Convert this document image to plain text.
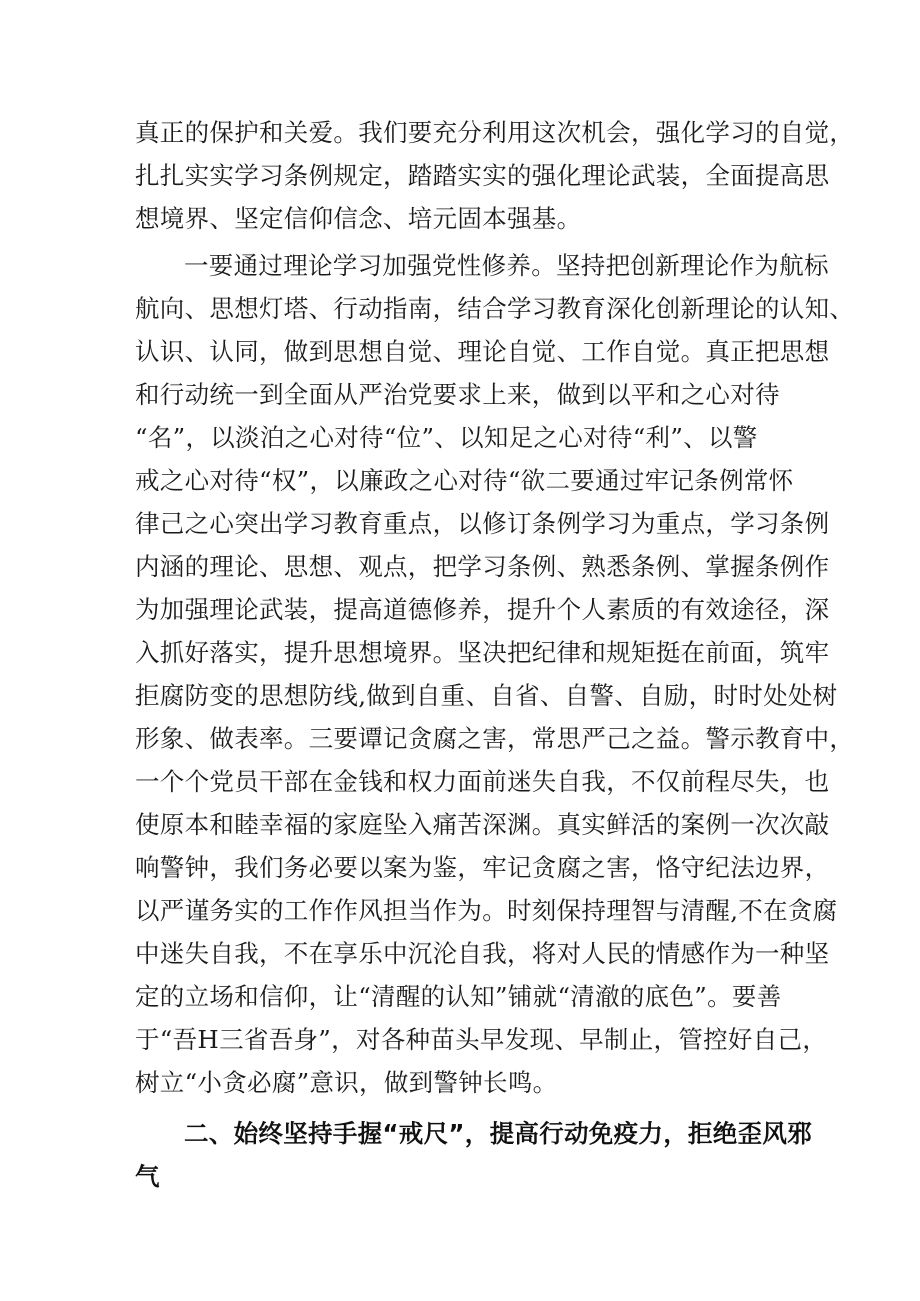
真正的保护和关爱。我们要充分利用这次机会，强化学习的自觉，
扎扎实实学习条例规定，踏踏实实的强化理论武装，全面提高思
想境界、坚定信仰信念、培元固本强基。
一要通过理论学习加强党性修养。坚持把创新理论作为航标
航向、思想灯塔、行动指南，结合学习教育深化创新理论的认知、
认识、认同，做到思想自觉、理论自觉、工作自觉。真正把思想
和行动统一到全面从严治党要求上来，做到以平和之心对待
“名”，以淡泊之心对待“位”、以知足之心对待“利”、以警
戒之心对待“权”，以廉政之心对待“欲二要通过牢记条例常怀
律己之心突出学习教育重点，以修订条例学习为重点，学习条例
内涵的理论、思想、观点，把学习条例、熟悉条例、掌握条例作
为加强理论武装，提高道德修养，提升个人素质的有效途径，深
入抓好落实，提升思想境界。坚决把纪律和规矩挺在前面，筑牢
拒腐防变的思想防线,做到自重、自省、自警、自励，时时处处树
形象、做表率。三要谭记贪腐之害，常思严己之益。警示教育中，
一个个党员干部在金钱和权力面前迷失自我，不仅前程尽失，也
使原本和睦幸福的家庭坠入痛苦深渊。真实鲜活的案例一次次敲
响警钟，我们务必要以案为鉴，牢记贪腐之害，恪守纪法边界，
以严谨务实的工作作风担当作为。时刻保持理智与清醒,不在贪腐
中迷失自我，不在享乐中沉沦自我，将对人民的情感作为一种坚
定的立场和信仰，让“清醒的认知”铺就“清澈的底色”。要善
于“吾H三省吾身”，对各种苗头早发现、早制止，管控好自己，
树立“小贪必腐”意识，做到警钟长鸣。
二、始终坚持手握“戒尺”，提高行动免疫力，拒绝歪风邪
气
